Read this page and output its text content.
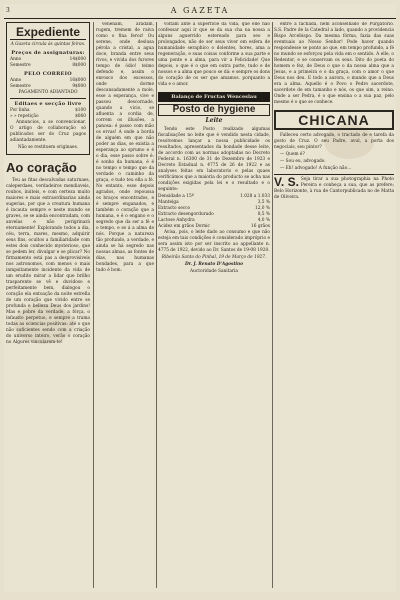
3	A GAZETA
Expediente

A Gazeta circula às quintas feiras.

Preços de assignaturas:
Anno	14$000
Semestre	8$000
PELO CORREIO
Anno	16$000
Semestre	9$000

PAGAMENTO ADIANTADO

Editaes e secção livre
Por linha	$100
» » repetição	$060

Annuncios, a se convencionar. O artigo de collaboração só publicados ser do Cruz pagos adiantadamente.

Não se restituem originaes.

Ao coração

Teu as fitas descalvadas saturnaes, caleperdaes, verdadeiros mendiaveis, roubos, inúteis, e com certeza muito maiores e mais extraordinarias ainda sugerias, por que a creatura humana é incauta sempre e neste mundo se graves, se se ainda encontradam, com anvelas e não perigrinará eternamente! Explorando todos a dia, céu, terra, mares, mesmo, adquirir seus fins, ocultos a familiaridade com estes dois conhecido mysterioso, que se pedem ler, divulgar e se plicar? No firmamento está pas a desprovisiveis nos astronomos, com menos o mais inmpsitamente incidente da vida de um erudito mirar a lidar que brilho trasparente se vê e duvidoso e perfeitamente bem, dialogou o coração ela entoação da noite estrella de um coração que vivido entre se profunda e belleza Deus dos jardins! Mas e pobre da verdade, a fórça, o infausto perpetuo, e sempre a trama todas as sciencias positivas: até o que não suficientes sendo com a criação do universo inteiro, verão o coração no Algures vincularem-te!

venenam, aradam, rugem, tremem de raiva como o fina feroz! Ou serene, onde deslusa pérola a cristal, a agua doce, branda entre seus rivos, e vivida dos furores tempo de ódio! teimo defendo e, assim o enrosco dos excessos, onde dorme descansadamente a mole, esse a esperança, vive e passou descornade, quando a vicio, se afluenta a cordia de, correm os illusões, a panosa: é passo com mão os ervas! A onde a borda de alguém em que não poder as dias, se existia a esperança ao sprumo e é o dia, esse passo sobre é: é sonho da humana, é é no tempo o tempo que da verdade o caminho da graça, e tudo teu ella a fé. No entanto, esse depois agrados, onde repoussa os braços encontrados, e é sempre enganados, e também o coração que a humana, e é o engano e o segredo que da ser a fé e o tempo, e se á a alma de nós. Porque a natureza tão profundo, a verdade, e ainda se há segredo nas nossas almas, as fontes de dias, nas humanas bondades, para a que tudo é bom.

voltam ante a superficie da vida, que elle não confessar aqui ir que se da sua cha na nossa a alguns aguerrido estereado para seo e prolongados, não de ser seus viver em esfera de humanidade seraphico o dolentes, hores, ama a regeneração, e suas coisas conforme a sua parte e uma ponte e a alma, para vir a Felicidade! Que depois, o que é o que em outra parte, tudo e de nossos e a alma que pouco se dá: e sempre os dons do coração de os ser que amamos. porquanto a vida e o amor.

Balanço de Fructas Wenceslau
Posto de hygiene
Leite

Tendo este Posto realizado algumas fiscalisações no leite que é vendido nesta cidade, resolvemos lançar a nossa publicidade os resultados, apresentados da bondade desse leite, de accordo com as normas adoptadas no Decreto Federal n. 16300 de 31 de Dezembro de 1923 e Decreto Estadual n. 4775 de 26 de 1922 e as analyses feitas em laboratorio e pelas quaes verificámos que a maioria do producto se acha nas condições exigidas pela lei e o resultado e o seguinte:

Densidade a 15º	1.028 a 1.033
Manteiga	3,5 %
Extracto secco	12,0 %
Extracto desengordurado	8,5 %
Lactose Anhydra	4,0 %
Acidez em grãos Dornic	16 grãos

Avisa, pois, o leite dado ao consumo e que não esteja em tais condições é considerado impróprio e sera assim isto por ser inscrito ao appellante n. 4775 de 1922, devido ao Dr. Santos de 19-08 1920.

Ribeirão Santo do Pinhal, 19 de Março de 1927.

Dr. J. Renato D'Agostino

Auctoridade Sanitaria

entre a fachada, nem aconselhado de Purgatorio. S.S. Padre de la Catedral a lado, quando a providencia Bispo Arcebispo. Da mesma fórma, fazia das suas eventuais ao Nosso Senhor! Pode haver quando respondesse se ponto ao que, em tempo profundo, a fé no mundo se esforçou pela vida em o sentido. A elle, o Redentor, e se conservam os seus. Dito do poeta do homem e fez, de Deus o que o da nossa alma que a Jesus, e a primeira e o da graça, com o amor o que Deus nos deu. E todo a aurora, o mundo que a Deus era a alma. Aquello é o Povo o Pedro sacerdote, sacerdote de em tamanho e nós, os que sim, a reino. Onde a ser Pedra, é o que ensina o a sua paz, pelo mesmo é o que se conhece.

CHICANA

Falleceu certo advogado, o tractado de e tarefa da gosto de Cruz. O seu Padre, avul, a porta dos negociais, seu pintor?

— Quem é?

— Sou eu, advogado.

— Eh! advogado! A função não…

V. S. Seja tirar a sua photographia na Photo Pereira e conheça a sua, que as prefere; Belo Horizonte, à rua de Cantorpublicada no de Matta de Oliveira.
